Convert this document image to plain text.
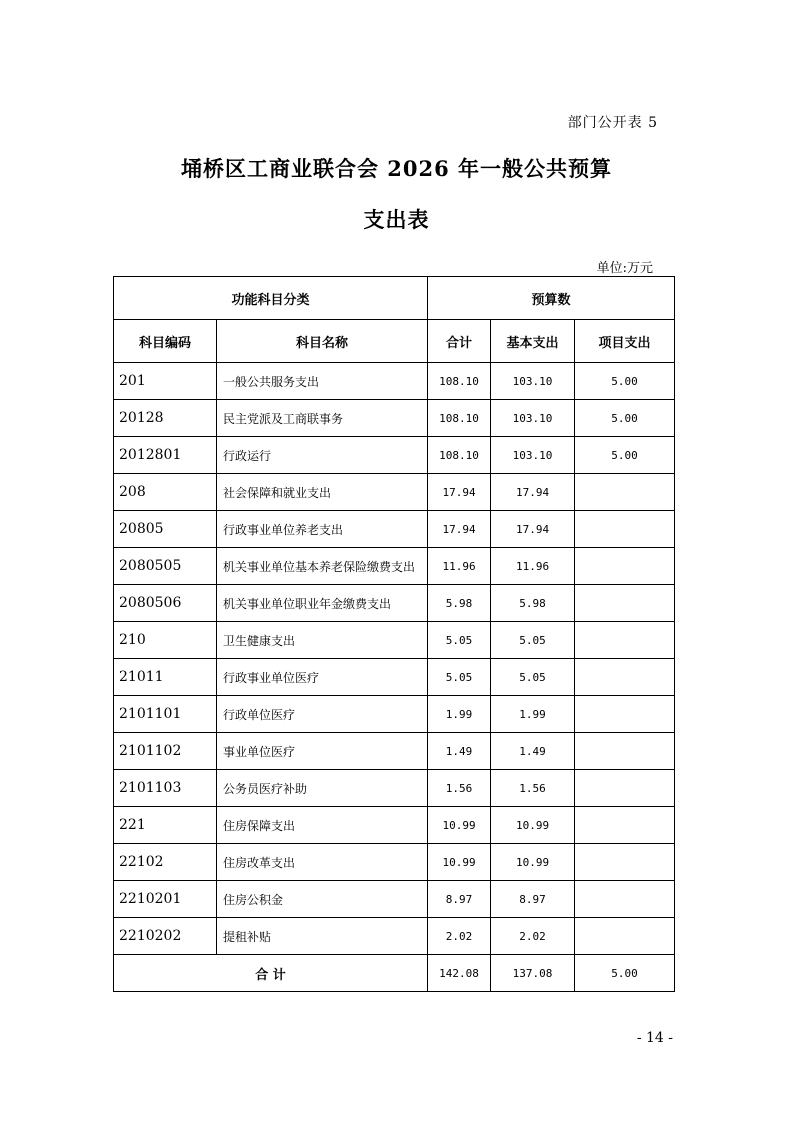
部门公开表 5
埇桥区工商业联合会 2026 年一般公共预算
支出表
单位:万元
功能科目分类		预算数		
科目编码	科目名称	合计	基本支出	项目支出
201	一般公共服务支出	108.10	103.10	5.00
20128	民主党派及工商联事务	108.10	103.10	5.00
2012801	行政运行	108.10	103.10	5.00
208	社会保障和就业支出	17.94	17.94	
20805	行政事业单位养老支出	17.94	17.94	
2080505	机关事业单位基本养老保险缴费支出	11.96	11.96	
2080506	机关事业单位职业年金缴费支出	5.98	5.98	
210	卫生健康支出	5.05	5.05	
21011	行政事业单位医疗	5.05	5.05	
2101101	行政单位医疗	1.99	1.99	
2101102	事业单位医疗	1.49	1.49	
2101103	公务员医疗补助	1.56	1.56	
221	住房保障支出	10.99	10.99	
22102	住房改革支出	10.99	10.99	
2210201	住房公积金	8.97	8.97	
2210202	提租补贴	2.02	2.02	
合 计		142.08	137.08	5.00
- 14 -
